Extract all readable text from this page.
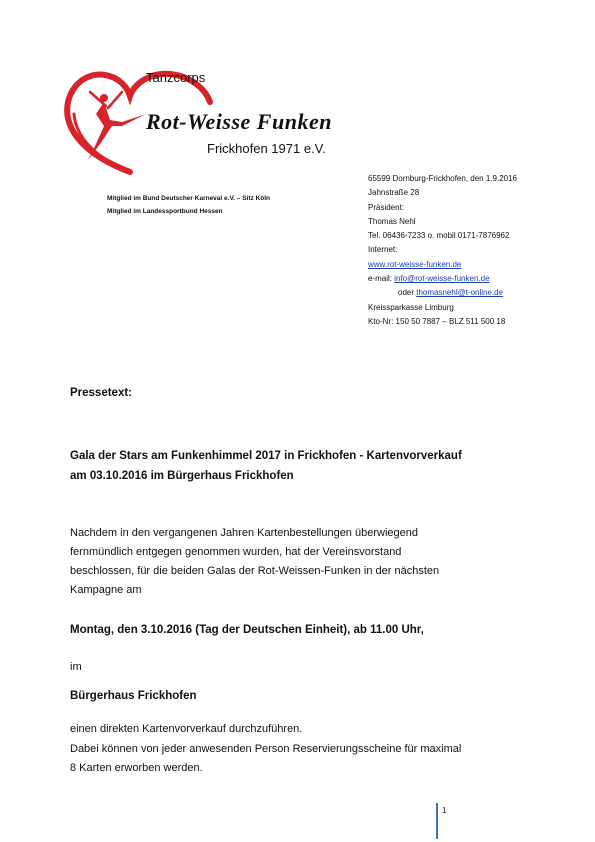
Tanzcorps
Rot-Weisse Funken
Frickhofen 1971 e.V.
Mitglied im Bund Deutscher Karneval e.V. – Sitz Köln
Mitglied im Landessportbund Hessen
65599 Dornburg-Frickhofen, den 1.9.2016
Jahnstraße 28
Präsident:
Thomas Nehl
Tel. 06436-7233 o. mobil 0171-7876962
Internet:
www.rot-weisse-funken.de
e-mail: info@rot-weisse-funken.de
oder thomasnehl@t-online.de
Kreissparkasse Limburg
Kto-Nr: 150 50 7887 – BLZ 511 500 18
Pressetext:
Gala der Stars am Funkenhimmel 2017 in Frickhofen - Kartenvorverkauf
am 03.10.2016 im Bürgerhaus Frickhofen
Nachdem in den vergangenen Jahren Kartenbestellungen überwiegend
fernmündlich entgegen genommen wurden, hat der Vereinsvorstand
beschlossen, für die beiden Galas der Rot-Weissen-Funken in der nächsten
Kampagne am
Montag, den 3.10.2016 (Tag der Deutschen Einheit), ab 11.00 Uhr,
im
Bürgerhaus Frickhofen
einen direkten Kartenvorverkauf durchzuführen.
Dabei können von jeder anwesenden Person Reservierungsscheine für maximal
8 Karten erworben werden.
1
